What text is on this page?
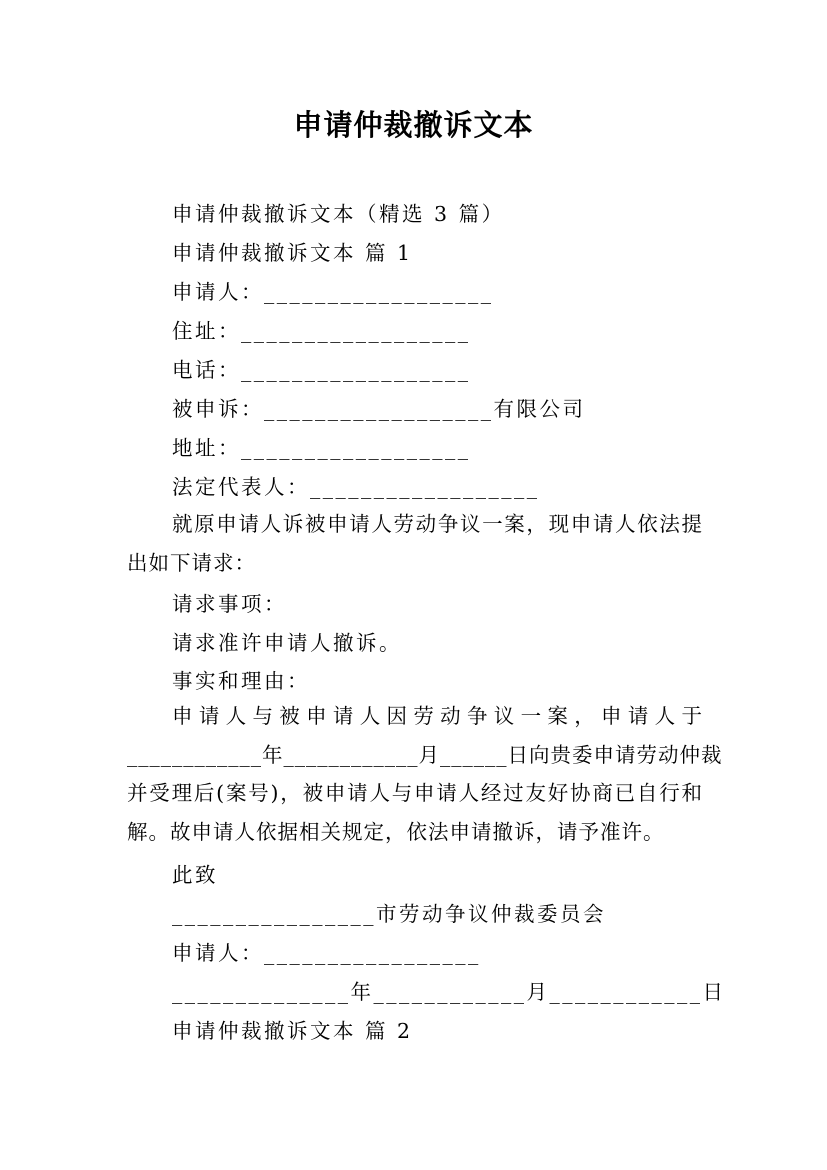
申请仲裁撤诉文本
申请仲裁撤诉文本（精选 3 篇）
申请仲裁撤诉文本 篇 1
申请人：__________________
住址：__________________
电话：__________________
被申诉：__________________有限公司
地址：__________________
法定代表人：__________________
就原申请人诉被申请人劳动争议一案，现申请人依法提
出如下请求：
请求事项：
请求准许申请人撤诉。
事实和理由：
申请人与被申请人因劳动争议一案，申请人于
____________年____________月______日向贵委申请劳动仲裁
并受理后(案号)，被申请人与申请人经过友好协商已自行和
解。故申请人依据相关规定，依法申请撤诉，请予准许。
此致
________________市劳动争议仲裁委员会
申请人：_________________
______________年____________月____________日
申请仲裁撤诉文本 篇 2
